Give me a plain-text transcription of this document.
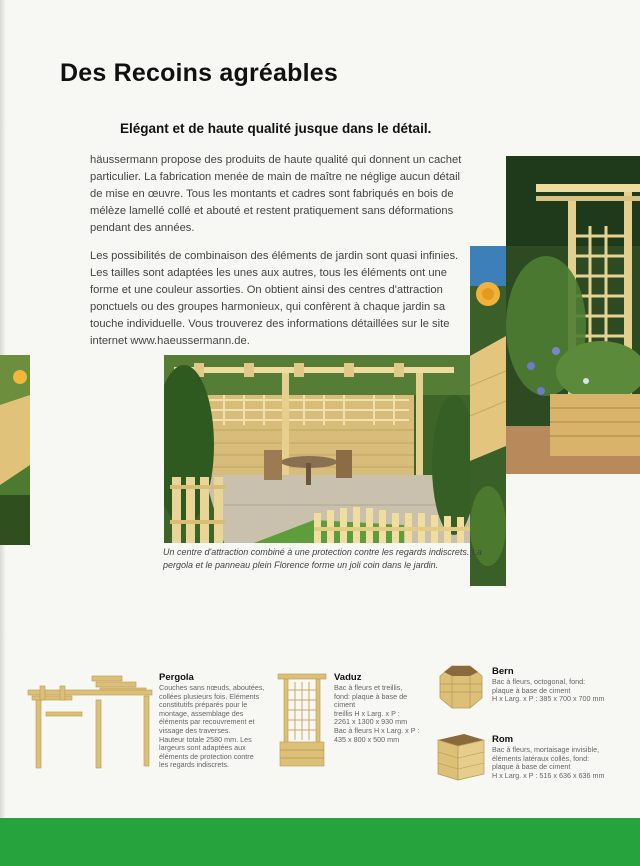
Des Recoins agréables
Elégant et de haute qualité jusque dans le détail.

häussermann propose des produits de haute qualité qui donnent un cachet particulier. La fabrication menée de main de maître ne néglige aucun détail de mise en œuvre. Tous les montants et cadres sont fabriqués en bois de mélèze lamellé collé et abouté et restent pratiquement sans déformations pendant des années.

Les possibilités de combinaison des éléments de jardin sont quasi infinies. Les tailles sont adaptées les unes aux autres, tous les éléments ont une forme et une couleur assorties. On obtient ainsi des centres d'attraction ponctuels ou des groupes harmonieux, qui confèrent à chaque jardin sa touche individuelle. Vous trouverez des informations détaillées sur le site internet www.haeussermann.de.

Un centre d'attraction combiné à une protection contre les regards indiscrets. La pergola et le panneau plein Florence forme un joli coin dans le jardin.

Pergola

Couches sans nœuds, aboutées,
collées plusieurs fois. Eléments
constitutifs préparés pour le
montage, assemblage des
éléments par recouvrement et
vissage des traverses.
Hauteur totale 2580 mm. Les
largeurs sont adaptées aux
éléments de protection contre
les regards indiscrets.

Vaduz

Bac à fleurs et treillis,
fond: plaque à base de
ciment
treillis H x Larg. x P :
2261 x 1300 x 930 mm
Bac à fleurs H x Larg. x P :
435 x 800 x 500 mm

Bern

Bac à fleurs, octogonal, fond:
plaque à base de ciment
H x Larg. x P : 385 x 700 x 700 mm

Rom

Bac à fleurs, mortaisage invisible,
éléments latéraux collés, fond:
plaque à base de ciment
H x Larg. x P : 516 x 636 x 636 mm
